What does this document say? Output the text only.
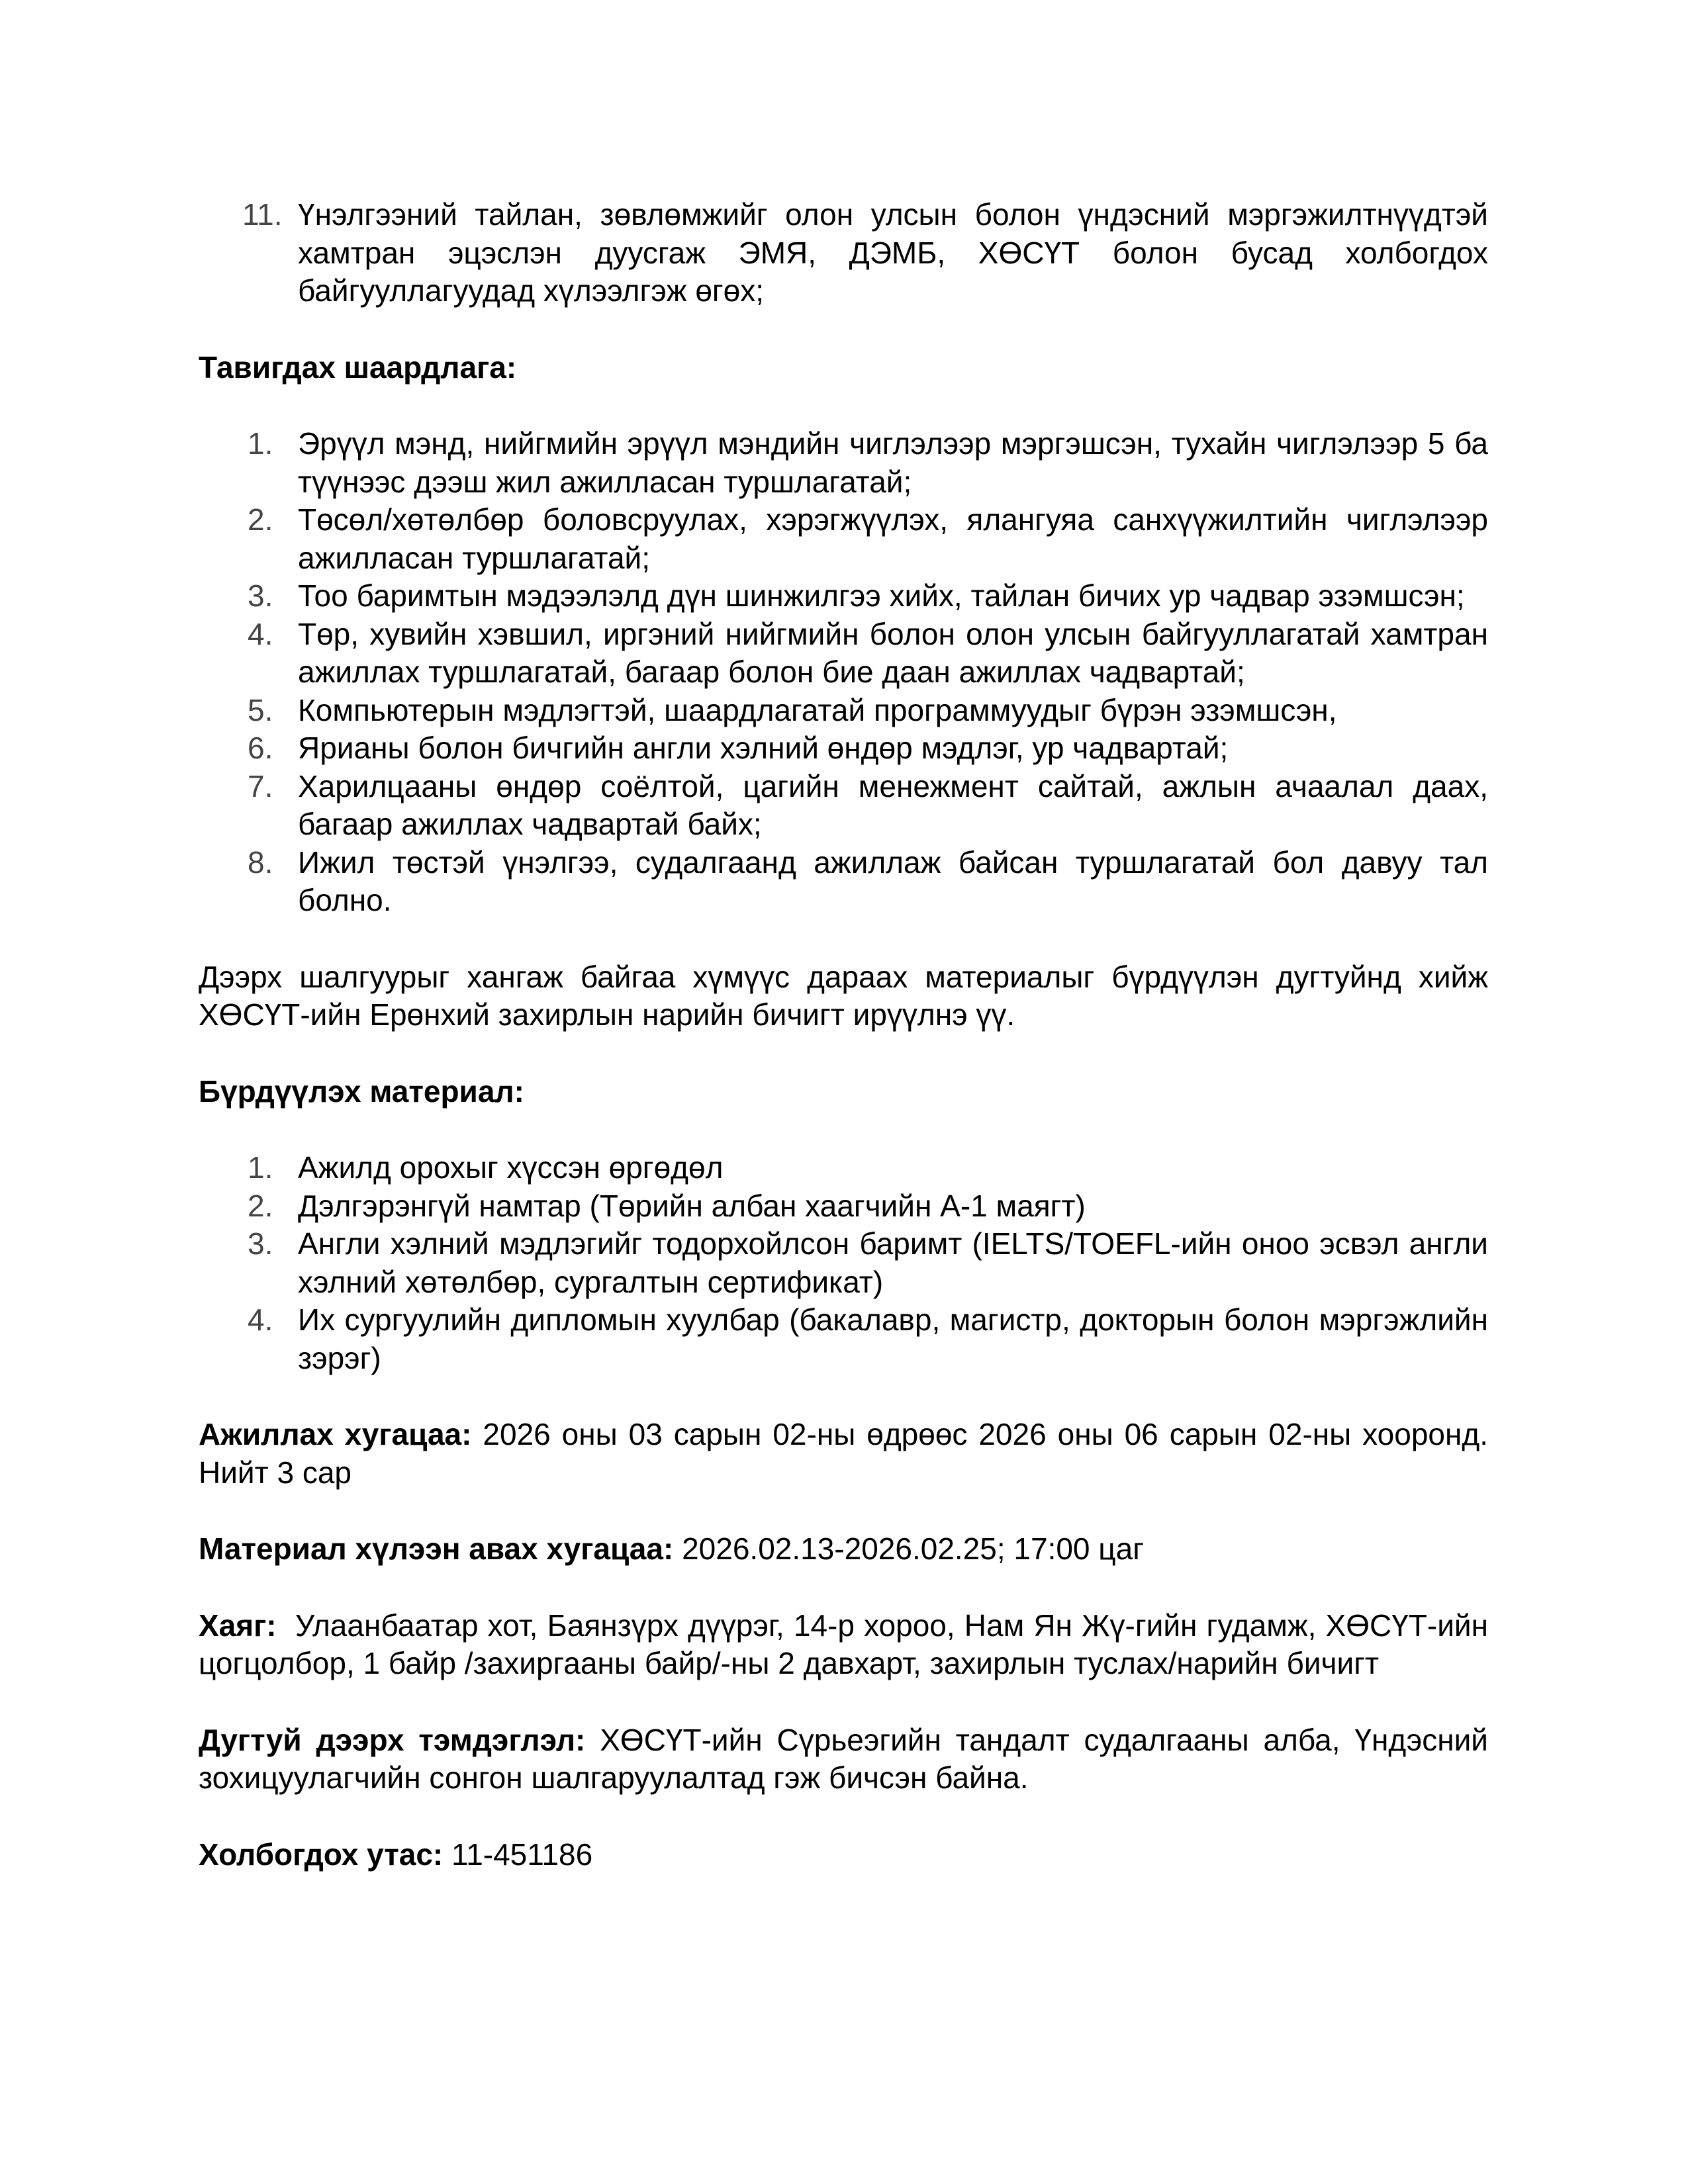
11. Үнэлгээний тайлан, зөвлөмжийг олон улсын болон үндэсний мэргэжилтнүүдтэй хамтран эцэслэн дуусгаж ЭМЯ, ДЭМБ, ХӨСҮТ болон бусад холбогдох байгууллагуудад хүлээлгэж өгөх;

Тавигдах шаардлага:

1. Эрүүл мэнд, нийгмийн эрүүл мэндийн чиглэлээр мэргэшсэн, тухайн чиглэлээр 5 ба түүнээс дээш жил ажилласан туршлагатай;
2. Төсөл/хөтөлбөр боловсруулах, хэрэгжүүлэх, ялангуяа санхүүжилтийн чиглэлээр ажилласан туршлагатай;
3. Тоо баримтын мэдээлэлд дүн шинжилгээ хийх, тайлан бичих ур чадвар эзэмшсэн;
4. Төр, хувийн хэвшил, иргэний нийгмийн болон олон улсын байгууллагатай хамтран ажиллах туршлагатай, багаар болон бие даан ажиллах чадвартай;
5. Компьютерын мэдлэгтэй, шаардлагатай программуудыг бүрэн эзэмшсэн,
6. Ярианы болон бичгийн англи хэлний өндөр мэдлэг, ур чадвартай;
7. Харилцааны өндөр соёлтой, цагийн менежмент сайтай, ажлын ачаалал даах, багаар ажиллах чадвартай байх;
8. Ижил төстэй үнэлгээ, судалгаанд ажиллаж байсан туршлагатай бол давуу тал болно.

Дээрх шалгуурыг хангаж байгаа хүмүүс дараах материалыг бүрдүүлэн дугтуйнд хийж ХӨСҮТ-ийн Ерөнхий захирлын нарийн бичигт ирүүлнэ үү.

Бүрдүүлэх материал:

1. Ажилд орохыг хүссэн өргөдөл
2. Дэлгэрэнгүй намтар (Төрийн албан хаагчийн А-1 маягт)
3. Англи хэлний мэдлэгийг тодорхойлсон баримт (IELTS/TOEFL-ийн оноо эсвэл англи хэлний хөтөлбөр, сургалтын сертификат)
4. Их сургуулийн дипломын хуулбар (бакалавр, магистр, докторын болон мэргэжлийн зэрэг)

Ажиллах хугацаа: 2026 оны 03 сарын 02-ны өдрөөс 2026 оны 06 сарын 02-ны хооронд. Нийт 3 сар

Материал хүлээн авах хугацаа: 2026.02.13-2026.02.25; 17:00 цаг

Хаяг:  Улаанбаатар хот, Баянзүрх дүүрэг, 14-р хороо, Нам Ян Жү-гийн гудамж, ХӨСҮТ-ийн цогцолбор, 1 байр /захиргааны байр/-ны 2 давхарт, захирлын туслах/нарийн бичигт

Дугтуй дээрх тэмдэглэл: ХӨСҮТ-ийн Сүрьеэгийн тандалт судалгааны алба, Үндэсний зохицуулагчийн сонгон шалгаруулалтад гэж бичсэн байна.

Холбогдох утас: 11-451186
